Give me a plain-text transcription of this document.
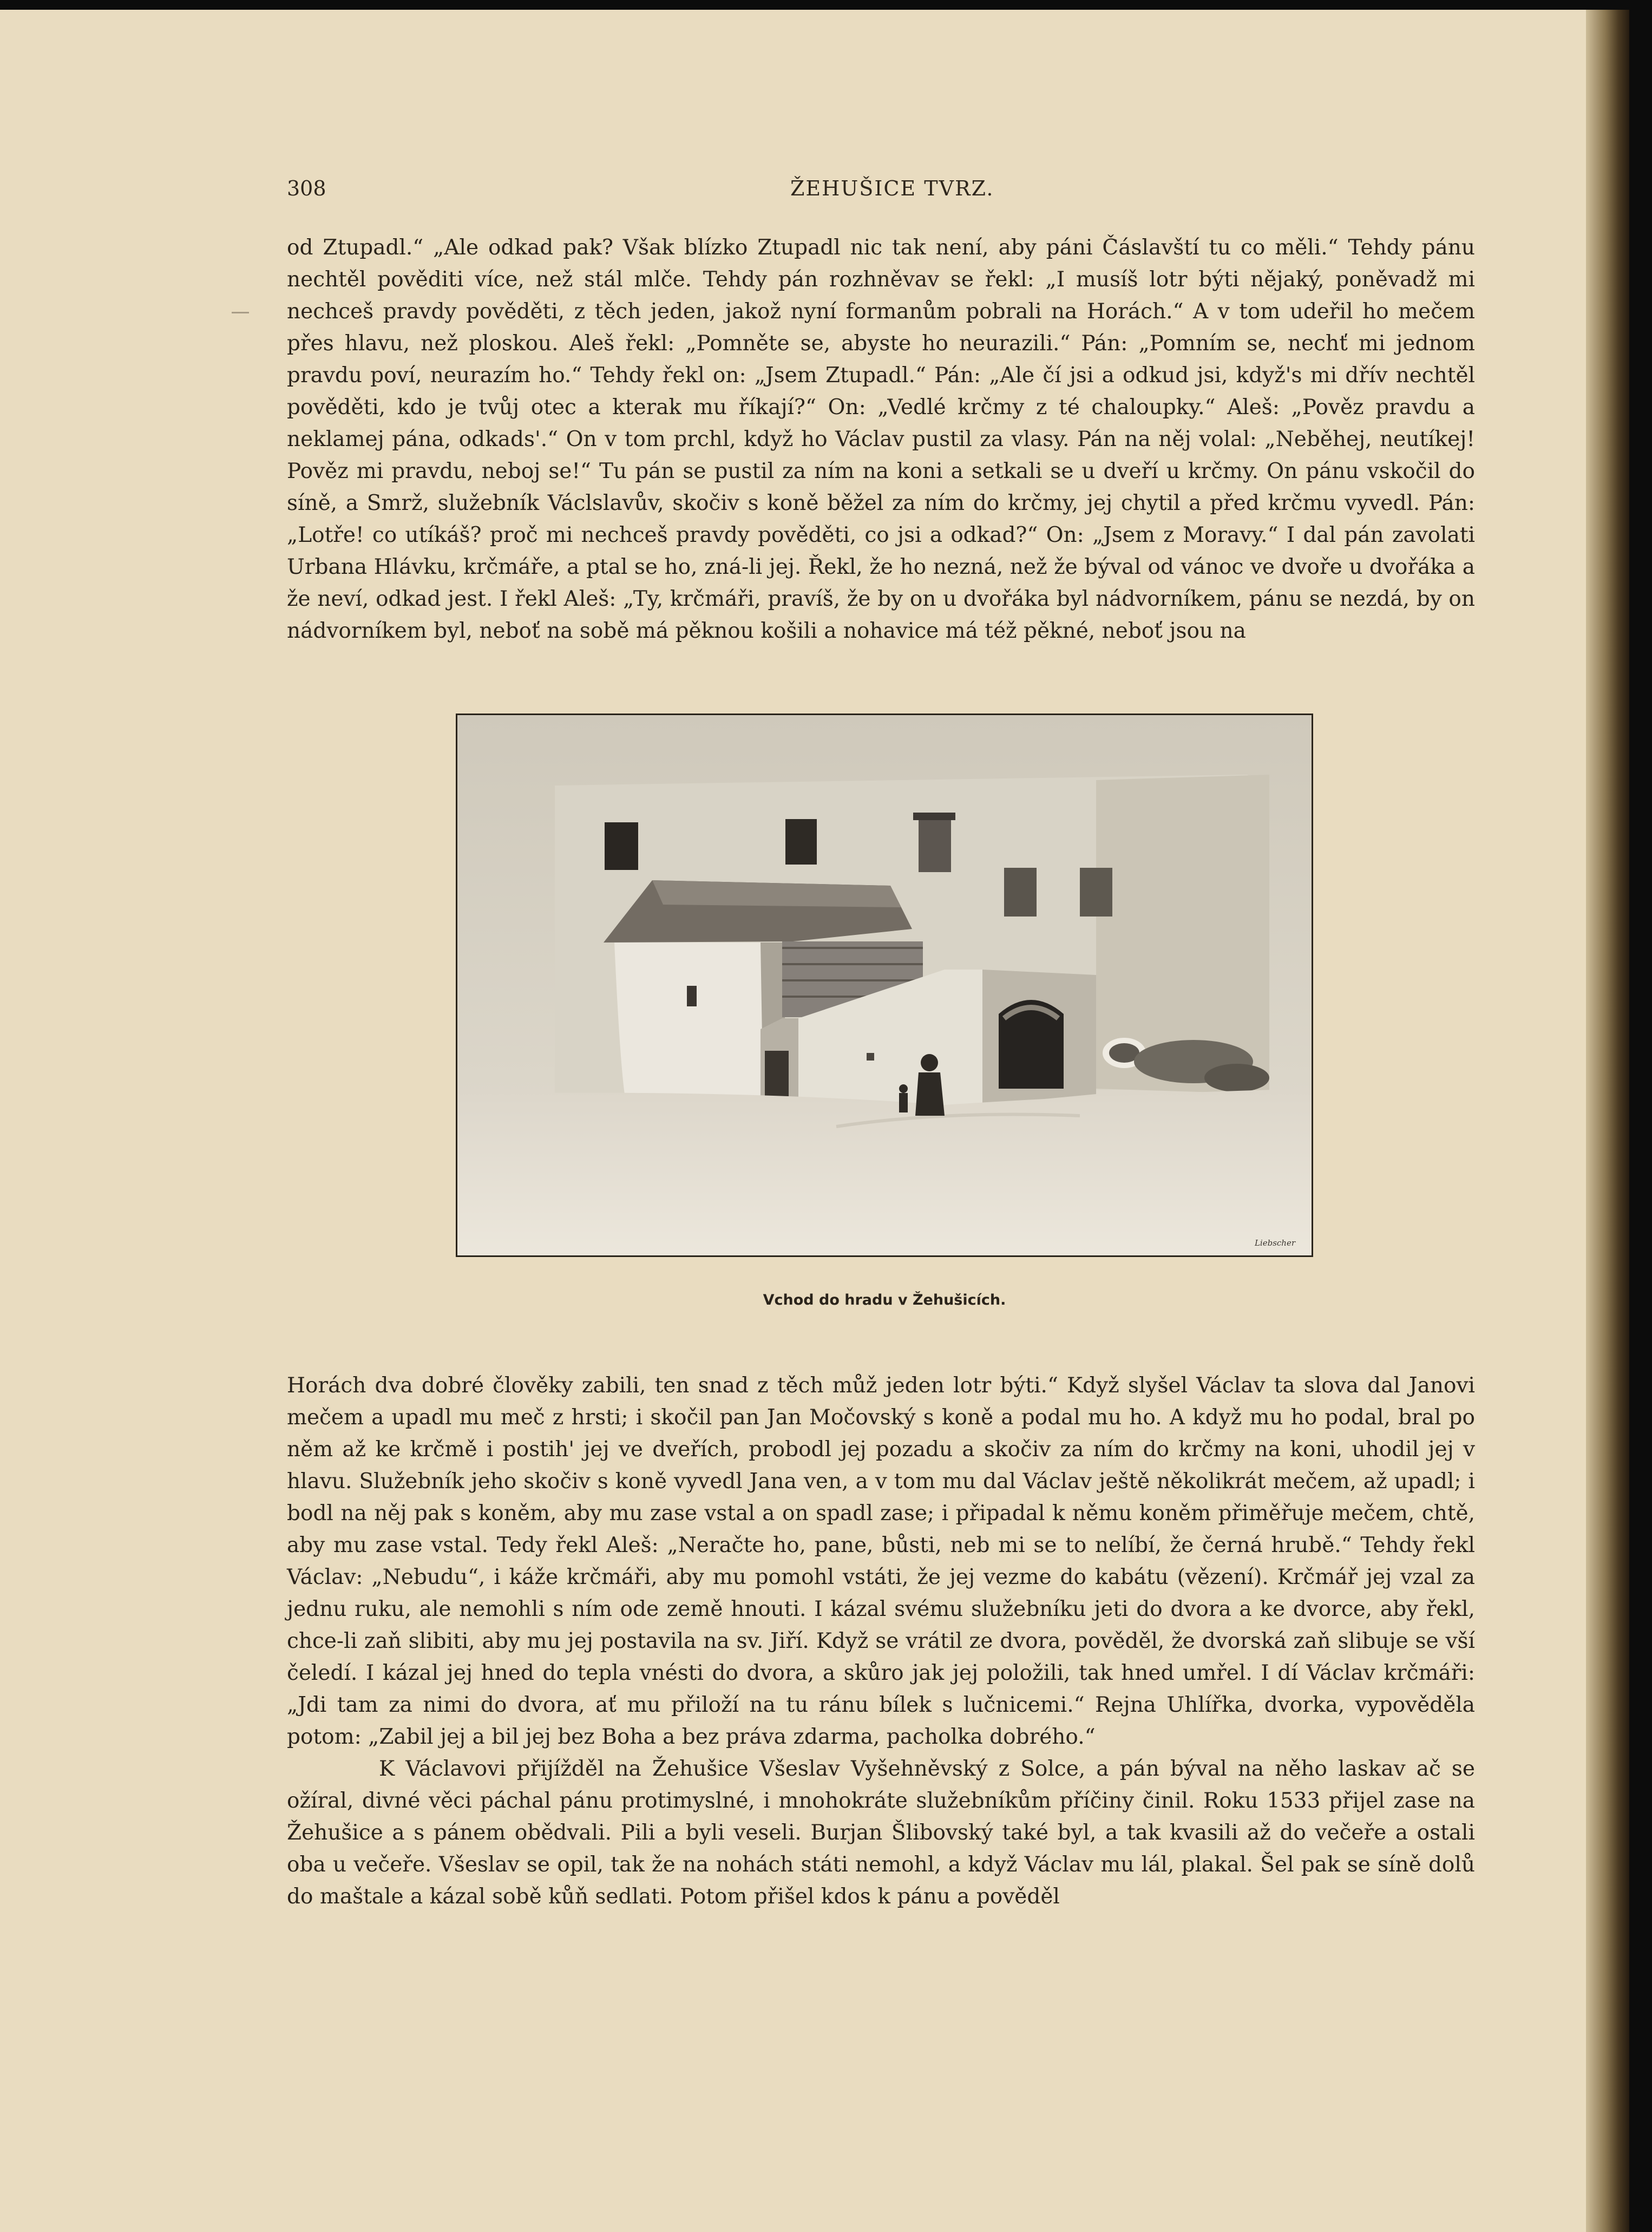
308	ŽEHUŠICE TVRZ.

od Ztupadl.“ „Ale odkad pak? Však blízko Ztupadl nic tak není, aby páni Čáslavští tu co měli.“ Tehdy pánu nechtěl pověditi více, než stál mlče. Tehdy pán rozhněvav se řekl: „I musíš lotr býti nějaký, poněvadž mi nechceš pravdy pověděti, z těch jeden, jakož nyní formanům pobrali na Horách.“ A v tom udeřil ho mečem přes hlavu, než ploskou. Aleš řekl: „Pomněte se, abyste ho neurazili.“ Pán: „Pomním se, nechť mi jednom pravdu poví, neurazím ho.“ Tehdy řekl on: „Jsem Ztupadl.“ Pán: „Ale čí jsi a odkud jsi, když's mi dřív nechtěl pověděti, kdo je tvůj otec a kterak mu říkají?“ On: „Vedlé krčmy z té chaloupky.“ Aleš: „Pověz pravdu a neklamej pána, odkads'.“ On v tom prchl, když ho Václav pustil za vlasy. Pán na něj volal: „Neběhej, neutíkej! Pověz mi pravdu, neboj se!“ Tu pán se pustil za ním na koni a setkali se u dveří u krčmy. On pánu vskočil do síně, a Smrž, služebník Václslavův, skočiv s koně běžel za ním do krčmy, jej chytil a před krčmu vyvedl. Pán: „Lotře! co utíkáš? proč mi nechceš pravdy pověděti, co jsi a odkad?“ On: „Jsem z Moravy.“ I dal pán zavolati Urbana Hlávku, krčmáře, a ptal se ho, zná-li jej. Řekl, že ho nezná, než že býval od vánoc ve dvoře u dvořáka a že neví, odkad jest. I řekl Aleš: „Ty, krčmáři, pravíš, že by on u dvořáka byl nádvorníkem, pánu se nezdá, by on nádvorníkem byl, neboť na sobě má pěknou košili a nohavice má též pěkné, neboť jsou na

Liebscher
Vchod do hradu v Žehušicích.

Horách dva dobré člověky zabili, ten snad z těch můž jeden lotr býti.“ Když slyšel Václav ta slova dal Janovi mečem a upadl mu meč z hrsti; i skočil pan Jan Močovský s koně a podal mu ho. A když mu ho podal, bral po něm až ke krčmě i postih' jej ve dveřích, probodl jej pozadu a skočiv za ním do krčmy na koni, uhodil jej v hlavu. Služebník jeho skočiv s koně vyvedl Jana ven, a v tom mu dal Václav ještě několikrát mečem, až upadl; i bodl na něj pak s koněm, aby mu zase vstal a on spadl zase; i připadal k němu koněm přiměřuje mečem, chtě, aby mu zase vstal. Tedy řekl Aleš: „Neračte ho, pane, bůsti, neb mi se to nelíbí, že černá hrubě.“ Tehdy řekl Václav: „Nebudu“, i káže krčmáři, aby mu pomohl vstáti, že jej vezme do kabátu (vězení). Krčmář jej vzal za jednu ruku, ale nemohli s ním ode země hnouti. I kázal svému služebníku jeti do dvora a ke dvorce, aby řekl, chce-li zaň slibiti, aby mu jej postavila na sv. Jiří. Když se vrátil ze dvora, pověděl, že dvorská zaň slibuje se vší čeledí. I kázal jej hned do tepla vnésti do dvora, a skůro jak jej položili, tak hned umřel. I dí Václav krčmáři: „Jdi tam za nimi do dvora, ať mu přiloží na tu ránu bílek s lučnicemi.“ Rejna Uhlířka, dvorka, vypověděla potom: „Zabil jej a bil jej bez Boha a bez práva zdarma, pacholka dobrého.“

K Václavovi přijížděl na Žehušice Všeslav Vyšehněvský z Solce, a pán býval na něho laskav ač se ožíral, divné věci páchal pánu protimyslné, i mnohokráte služebníkům příčiny činil. Roku 1533 přijel zase na Žehušice a s pánem obědvali. Pili a byli veseli. Burjan Šlibovský také byl, a tak kvasili až do večeře a ostali oba u večeře. Všeslav se opil, tak že na nohách státi nemohl, a když Václav mu lál, plakal. Šel pak se síně dolů do maštale a kázal sobě kůň sedlati. Potom přišel kdos k pánu a pověděl
